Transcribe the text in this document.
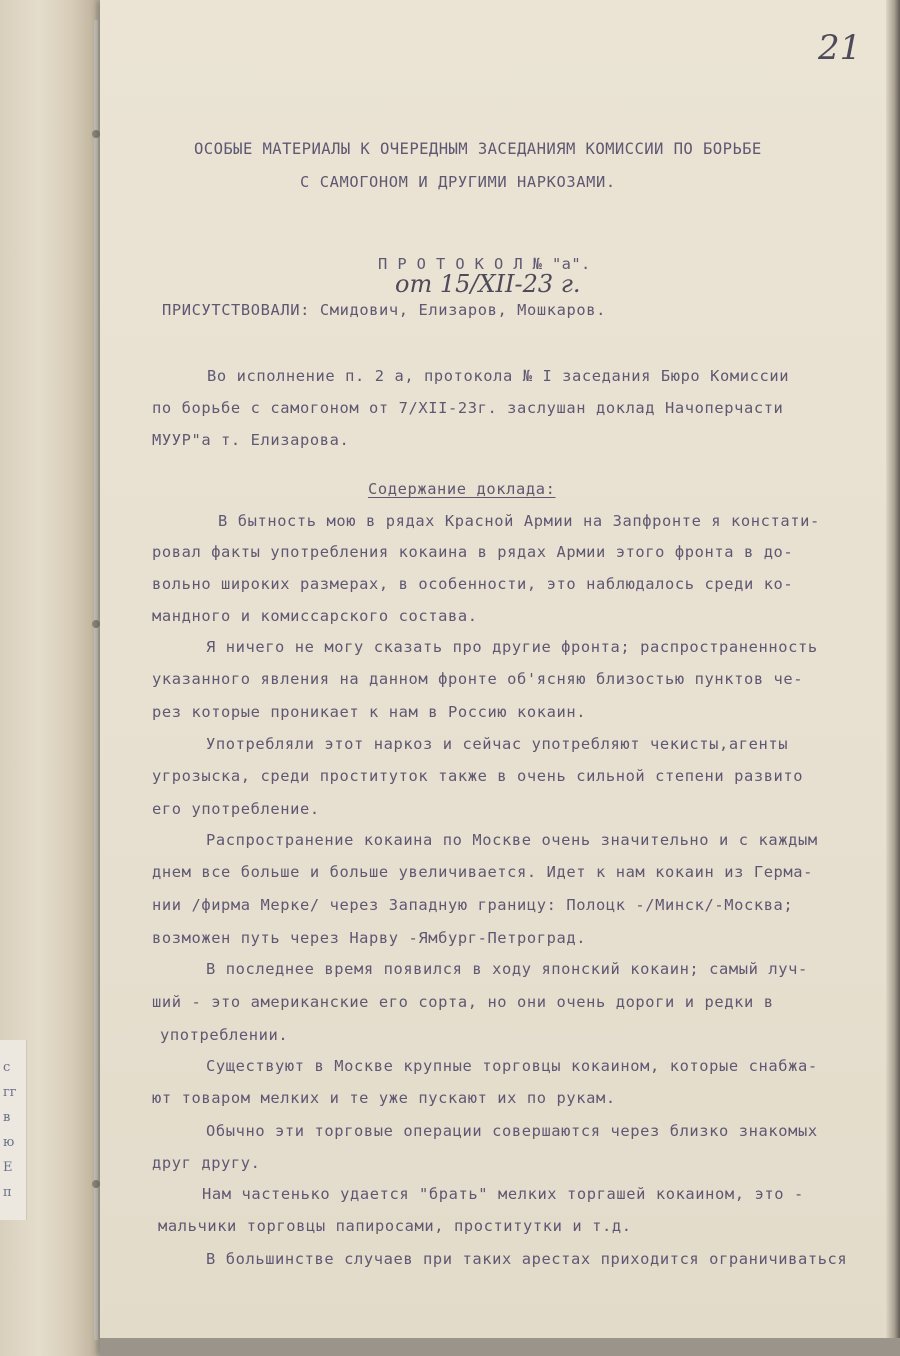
с
гг
в
ю
Е
п
21
ОСОБЫЕ МАТЕРИАЛЫ К ОЧЕРЕДНЫМ ЗАСЕДАНИЯМ КОМИССИИ ПО БОРЬБЕ
С САМОГОНОМ И ДРУГИМИ НАРКОЗАМИ.
П Р О Т О К О Л № "а".
от 15/XII-23 г.
ПРИСУТСТВОВАЛИ: Смидович, Елизаров, Мошкаров.
Во исполнение п. 2 а, протокола № I заседания Бюро Комиссии
по борьбе с самогоном от 7/XII-23г. заслушан доклад Начоперчасти
МУУР"а т. Елизарова.
Содержание доклада:
В бытность мою в рядах Красной Армии на Запфронте я констати-
ровал факты употребления кокаина в рядах Армии этого фронта в до-
вольно широких размерах, в особенности, это наблюдалось среди ко-
мандного и комиссарского состава.
Я ничего не могу сказать про другие фронта; распространенность
указанного явления на данном фронте об'ясняю близостью пунктов че-
рез которые проникает к нам в Россию кокаин.
Употребляли этот наркоз и сейчас употребляют чекисты,агенты
угрозыска, среди проституток также в очень сильной степени развито
его употребление.
Распространение кокаина по Москве очень значительно и с каждым
днем все больше и больше увеличивается. Идет к нам кокаин из Герма-
нии /фирма Мерке/ через Западную границу: Полоцк -/Минск/-Москва;
возможен путь через Нарву -Ямбург-Петроград.
В последнее время появился в ходу японский кокаин; самый луч-
ший - это американские его сорта, но они очень дороги и редки в
употреблении.
Существуют в Москве крупные торговцы кокаином, которые снабжа-
ют товаром мелких и те уже пускают их по рукам.
Обычно эти торговые операции совершаются через близко знакомых
друг другу.
Нам частенько удается "брать" мелких торгашей кокаином, это -
мальчики торговцы папиросами, проститутки и т.д.
В большинстве случаев при таких арестах приходится ограничиваться
